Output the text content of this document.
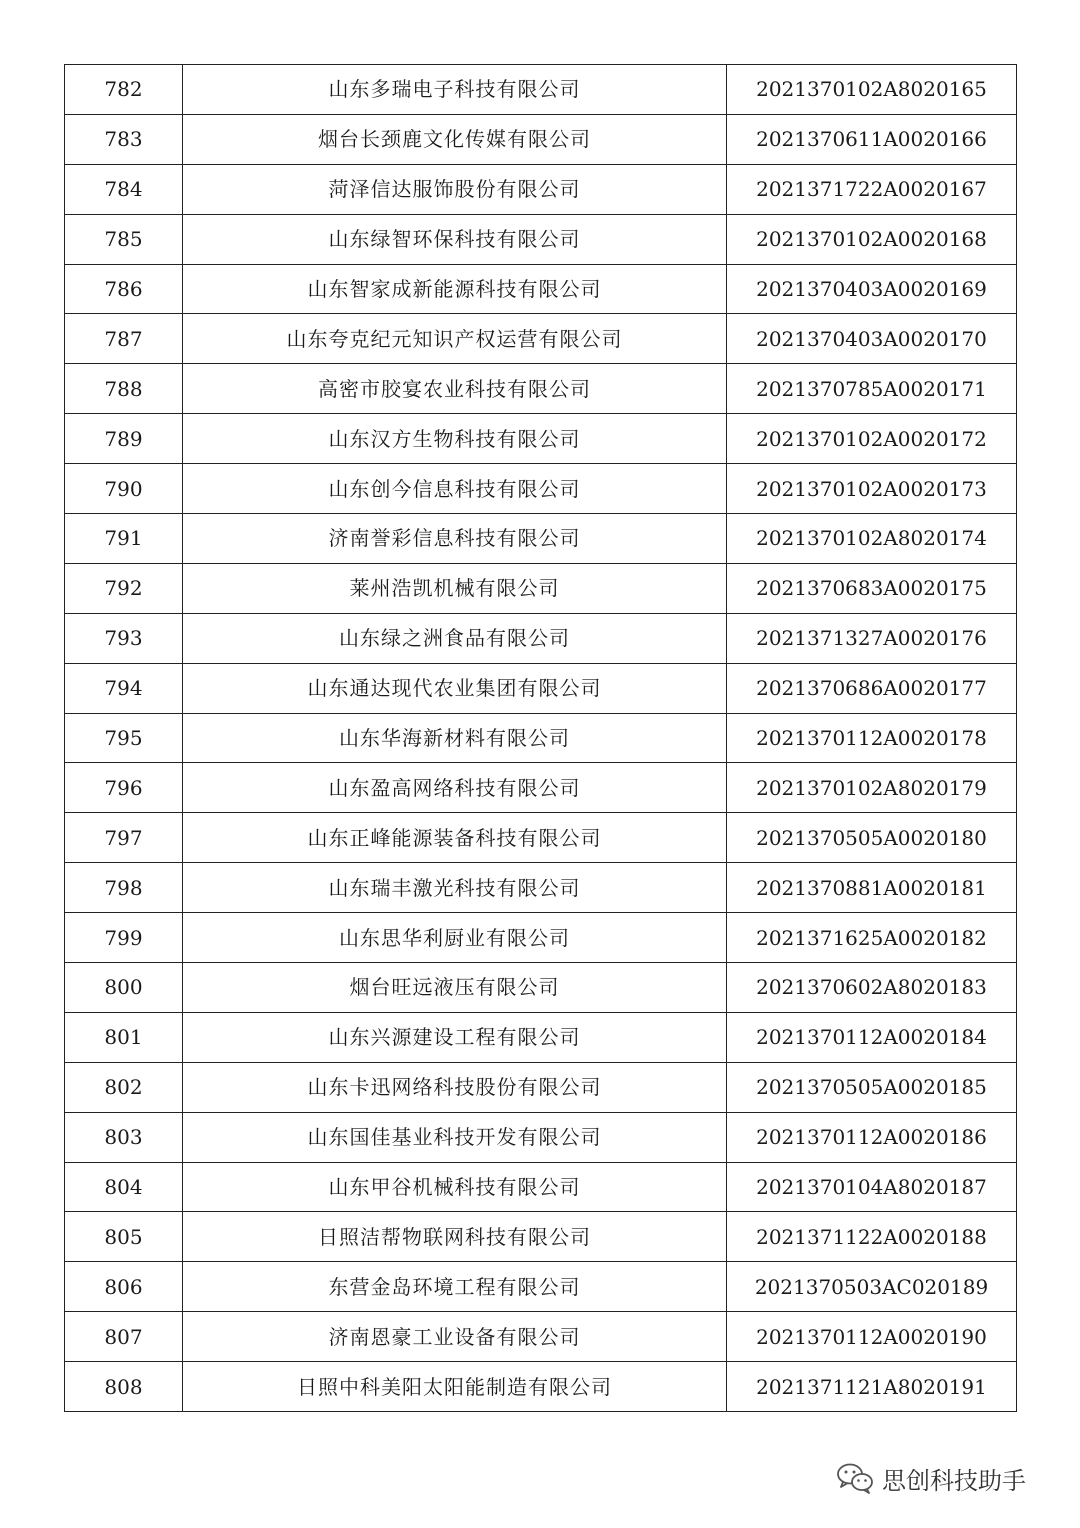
782	山东多瑞电子科技有限公司	2021370102A8020165
783	烟台长颈鹿文化传媒有限公司	2021370611A0020166
784	菏泽信达服饰股份有限公司	2021371722A0020167
785	山东绿智环保科技有限公司	2021370102A0020168
786	山东智家成新能源科技有限公司	2021370403A0020169
787	山东夸克纪元知识产权运营有限公司	2021370403A0020170
788	高密市胶宴农业科技有限公司	2021370785A0020171
789	山东汉方生物科技有限公司	2021370102A0020172
790	山东创今信息科技有限公司	2021370102A0020173
791	济南誉彩信息科技有限公司	2021370102A8020174
792	莱州浩凯机械有限公司	2021370683A0020175
793	山东绿之洲食品有限公司	2021371327A0020176
794	山东通达现代农业集团有限公司	2021370686A0020177
795	山东华海新材料有限公司	2021370112A0020178
796	山东盈高网络科技有限公司	2021370102A8020179
797	山东正峰能源装备科技有限公司	2021370505A0020180
798	山东瑞丰激光科技有限公司	2021370881A0020181
799	山东思华利厨业有限公司	2021371625A0020182
800	烟台旺远液压有限公司	2021370602A8020183
801	山东兴源建设工程有限公司	2021370112A0020184
802	山东卡迅网络科技股份有限公司	2021370505A0020185
803	山东国佳基业科技开发有限公司	2021370112A0020186
804	山东甲谷机械科技有限公司	2021370104A8020187
805	日照洁帮物联网科技有限公司	2021371122A0020188
806	东营金岛环境工程有限公司	2021370503AC020189
807	济南恩豪工业设备有限公司	2021370112A0020190
808	日照中科美阳太阳能制造有限公司	2021371121A8020191
思创科技助手
